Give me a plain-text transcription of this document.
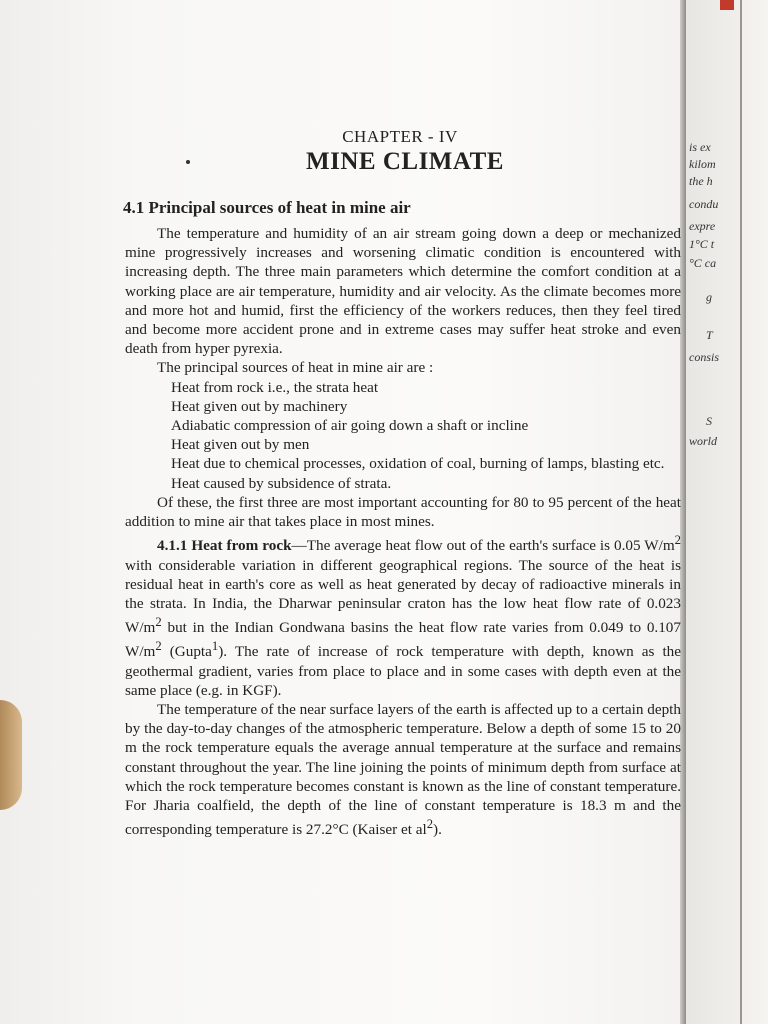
CHAPTER - IV
MINE CLIMATE
4.1 Principal sources of heat in mine air

The temperature and humidity of an air stream going down a deep or mechanized mine progressively increases and worsening climatic condition is encountered with increasing depth. The three main parameters which determine the comfort condition at a working place are air temperature, humidity and air velocity. As the climate becomes more and more hot and humid, first the efficiency of the workers reduces, then they feel tired and become more accident prone and in extreme cases may suffer heat stroke and even death from hyper pyrexia.

The principal sources of heat in mine air are :

Heat from rock i.e., the strata heat
Heat given out by machinery
Adiabatic compression of air going down a shaft or incline
Heat given out by men
Heat due to chemical processes, oxidation of coal, burning of lamps, blasting etc.
Heat caused by subsidence of strata.

Of these, the first three are most important accounting for 80 to 95 percent of the heat addition to mine air that takes place in most mines.

4.1.1 Heat from rock—The average heat flow out of the earth's surface is 0.05 $W/m^2$ with considerable variation in different geographical regions. The source of the heat is residual heat in earth's core as well as heat generated by decay of radioactive minerals in the strata. In India, the Dharwar peninsular craton has the low heat flow rate of 0.023 $W/m^2$ but in the Indian Gondwana basins the heat flow rate varies from 0.049 to 0.107 $W/m^2$ (Gupta$^1$). The rate of increase of rock temperature with depth, known as the geothermal gradient, varies from place to place and in some cases with depth even at the same place (e.g. in KGF).

The temperature of the near surface layers of the earth is affected up to a certain depth by the day-to-day changes of the atmospheric temperature. Below a depth of some 15 to 20 m the rock temperature equals the average annual temperature at the surface and remains constant throughout the year. The line joining the points of minimum depth from surface at which the rock temperature becomes constant is known as the line of constant temperature. For Jharia coalfield, the depth of the line of constant temperature is 18.3 m and the corresponding temperature is 27.2°C (Kaiser et $al^2$).

is ex
kilom
the h
condu
expre
1°C t
°C ca
g
T
consis
S
world
